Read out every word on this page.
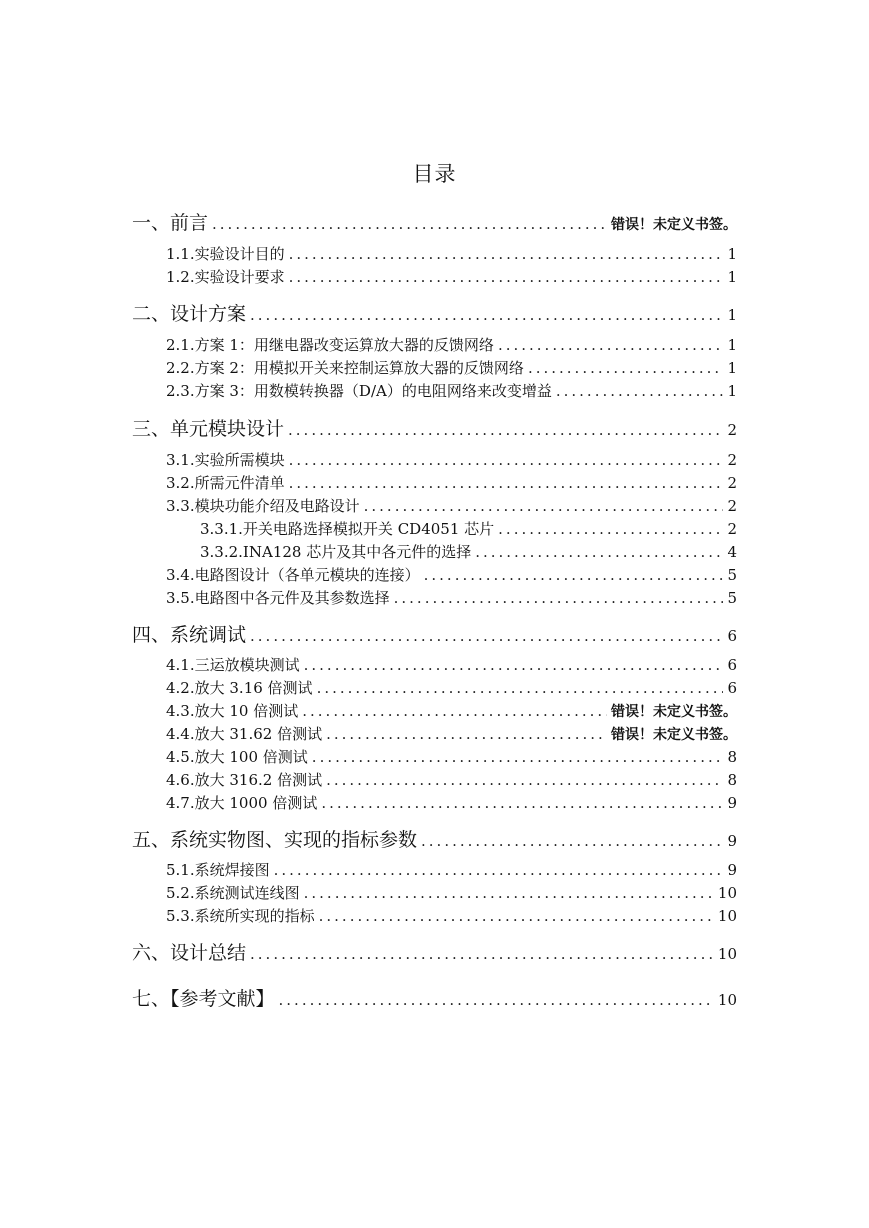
目录
一、前言 .....	错误！未定义书签。
1.1.实验设计目的 .....	1
1.2.实验设计要求 .....	1
二、设计方案 .....	1
2.1.方案 1：用继电器改变运算放大器的反馈网络 .....	1
2.2.方案 2：用模拟开关来控制运算放大器的反馈网络 .....	1
2.3.方案 3：用数模转换器（D/A）的电阻网络来改变增益 .....	1
三、单元模块设计 .....	2
3.1.实验所需模块 .....	2
3.2.所需元件清单 .....	2
3.3.模块功能介绍及电路设计 .....	2
3.3.1.开关电路选择模拟开关 CD4051 芯片 .....	2
3.3.2.INA128 芯片及其中各元件的选择 .....	4
3.4.电路图设计（各单元模块的连接） .....	5
3.5.电路图中各元件及其参数选择 .....	5
四、系统调试 .....	6
4.1.三运放模块测试 .....	6
4.2.放大 3.16 倍测试 .....	6
4.3.放大 10 倍测试 .....	错误！未定义书签。
4.4.放大 31.62 倍测试 .....	错误！未定义书签。
4.5.放大 100 倍测试 .....	8
4.6.放大 316.2 倍测试 .....	8
4.7.放大 1000 倍测试 .....	9
五、系统实物图、实现的指标参数 .....	9
5.1.系统焊接图 .....	9
5.2.系统测试连线图 .....	10
5.3.系统所实现的指标 .....	10
六、设计总结 .....	10
七、【参考文献】 .....	10
